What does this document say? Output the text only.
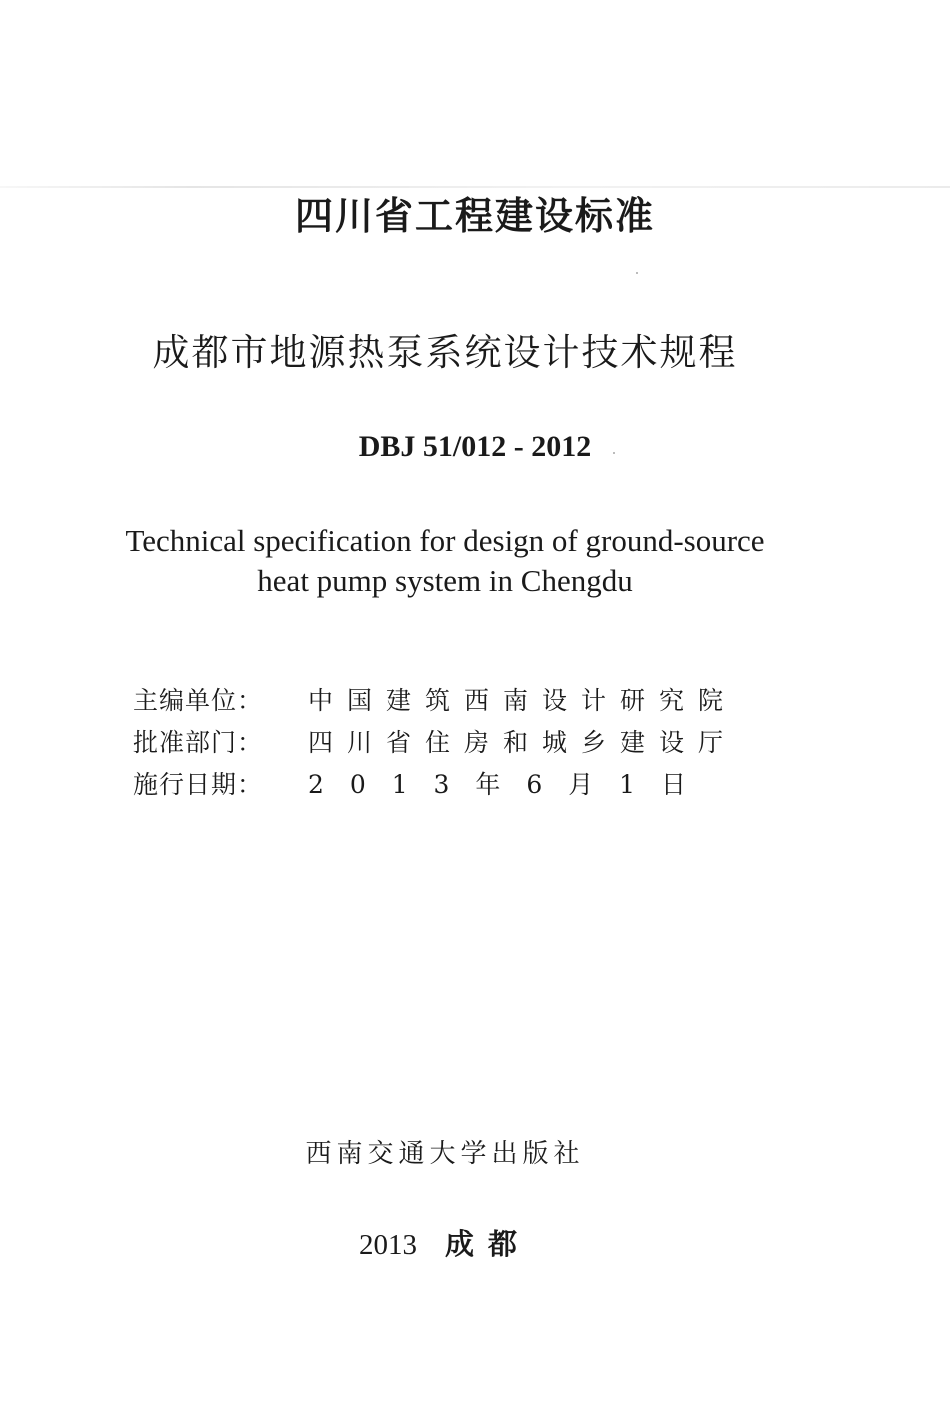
四川省工程建设标准
成都市地源热泵系统设计技术规程
DBJ 51/012 - 2012
Technical specification for design of ground-source
heat pump system in Chengdu
主编单位：	中国建筑西南设计研究院
批准部门：	四川省住房和城乡建设厅
施行日期：	2 0 1 3 年 6 月 1 日
西南交通大学出版社
2013 成都
